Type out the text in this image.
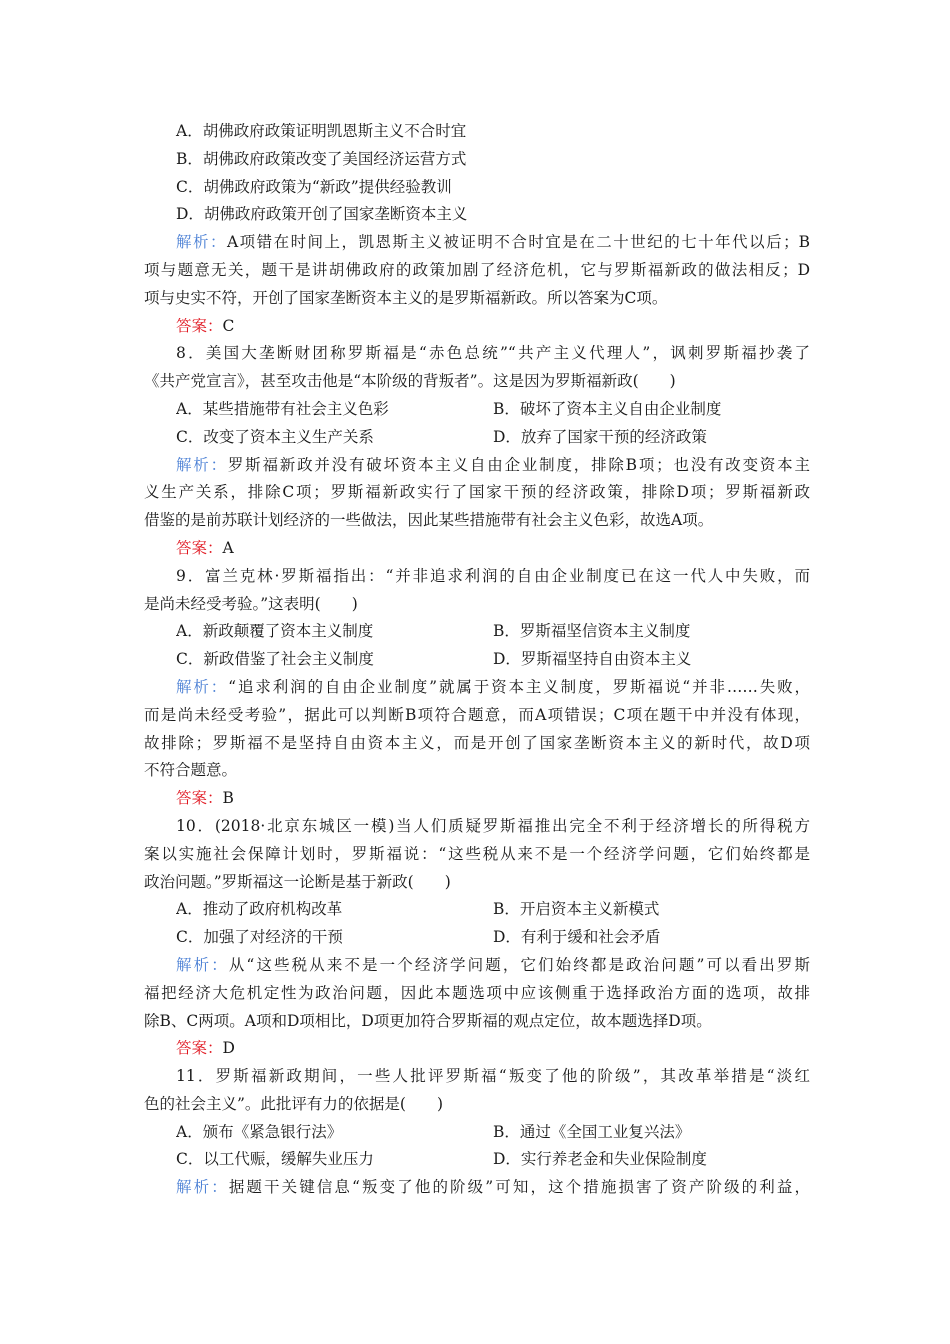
A．胡佛政府政策证明凯恩斯主义不合时宜
B．胡佛政府政策改变了美国经济运营方式
C．胡佛政府政策为“新政”提供经验教训
D．胡佛政府政策开创了国家垄断资本主义
解析：A项错在时间上，凯恩斯主义被证明不合时宜是在二十世纪的七十年代以后；B
项与题意无关，题干是讲胡佛政府的政策加剧了经济危机，它与罗斯福新政的做法相反；D
项与史实不符，开创了国家垄断资本主义的是罗斯福新政。所以答案为C项。
答案：C
8．美国大垄断财团称罗斯福是“赤色总统”“共产主义代理人”，讽刺罗斯福抄袭了
《共产党宣言》，甚至攻击他是“本阶级的背叛者”。这是因为罗斯福新政(　　)
A．某些措施带有社会主义色彩	B．破坏了资本主义自由企业制度
C．改变了资本主义生产关系	D．放弃了国家干预的经济政策
解析：罗斯福新政并没有破坏资本主义自由企业制度，排除B项；也没有改变资本主
义生产关系，排除C项；罗斯福新政实行了国家干预的经济政策，排除D项；罗斯福新政
借鉴的是前苏联计划经济的一些做法，因此某些措施带有社会主义色彩，故选A项。
答案：A
9．富兰克林·罗斯福指出：“并非追求利润的自由企业制度已在这一代人中失败，而
是尚未经受考验。”这表明(　　)
A．新政颠覆了资本主义制度	B．罗斯福坚信资本主义制度
C．新政借鉴了社会主义制度	D．罗斯福坚持自由资本主义
解析：“追求利润的自由企业制度”就属于资本主义制度，罗斯福说“并非……失败，
而是尚未经受考验”，据此可以判断B项符合题意，而A项错误；C项在题干中并没有体现，
故排除；罗斯福不是坚持自由资本主义，而是开创了国家垄断资本主义的新时代，故D项
不符合题意。
答案：B
10．(2018·北京东城区一模)当人们质疑罗斯福推出完全不利于经济增长的所得税方
案以实施社会保障计划时，罗斯福说：“这些税从来不是一个经济学问题，它们始终都是
政治问题。”罗斯福这一论断是基于新政(　　)
A．推动了政府机构改革	B．开启资本主义新模式
C．加强了对经济的干预	D．有利于缓和社会矛盾
解析：从“这些税从来不是一个经济学问题，它们始终都是政治问题”可以看出罗斯
福把经济大危机定性为政治问题，因此本题选项中应该侧重于选择政治方面的选项，故排
除B、C两项。A项和D项相比，D项更加符合罗斯福的观点定位，故本题选择D项。
答案：D
11．罗斯福新政期间，一些人批评罗斯福“叛变了他的阶级”，其改革举措是“淡红
色的社会主义”。此批评有力的依据是(　　)
A．颁布《紧急银行法》	B．通过《全国工业复兴法》
C．以工代赈，缓解失业压力	D．实行养老金和失业保险制度
解析：据题干关键信息“叛变了他的阶级”可知，这个措施损害了资产阶级的利益，
